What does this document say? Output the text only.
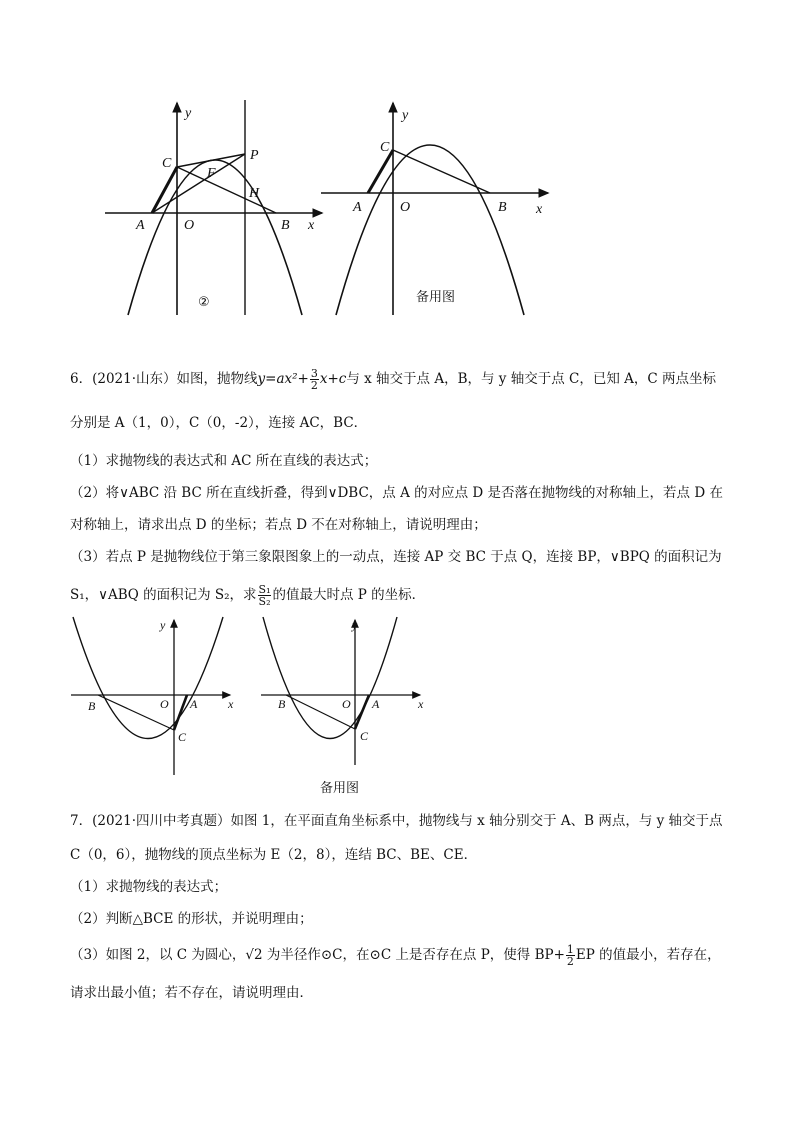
y
x
C
P
F
H
A	O	B
②
y
x
C
A	O	B
备用图
6．(2021·山东）如图，抛物线$y=ax^2+ \frac{3}{2} x+c$与 x 轴交于点 A，B，与 y 轴交于点 C，已知 A，C 两点坐标
分别是 A（1，0），C（0，-2），连接 AC，BC．
（1）求抛物线的表达式和 AC 所在直线的表达式；
（2）将∨ABC 沿 BC 所在直线折叠，得到∨DBC，点 A 的对应点 D 是否落在抛物线的对称轴上，若点 D 在
对称轴上，请求出点 D 的坐标；若点 D 不在对称轴上，请说明理由；
（3）若点 P 是抛物线位于第三象限图象上的一动点，连接 AP 交 BC 于点 Q，连接 BP，∨BPQ 的面积记为
S₁，∨ABQ 的面积记为 S₂，求 $\frac{\text{S₁}}{\text{S₂}}$ 的值最大时点 P 的坐标．
y
x
B	O A
C
y
x
B	O A
C
备用图
7．(2021·四川中考真题）如图 1，在平面直角坐标系中，抛物线与 x 轴分别交于 A、B 两点，与 y 轴交于点
C（0，6），抛物线的顶点坐标为 E（2，8），连结 BC、BE、CE．
（1）求抛物线的表达式；
（2）判断△BCE 的形状，并说明理由；
（3）如图 2，以 C 为圆心，√2 为半径作⊙C，在⊙C 上是否存在点 P，使得 $BP+ \frac{1}{2}$ EP 的值最小，若存在，
请求出最小值；若不存在，请说明理由．
